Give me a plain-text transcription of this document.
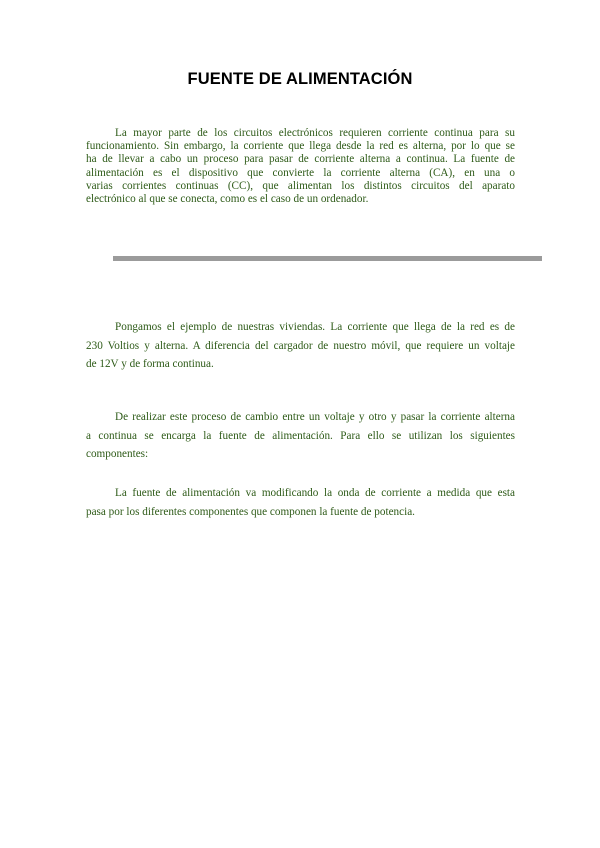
FUENTE DE ALIMENTACIÓN
La mayor parte de los circuitos electrónicos requieren corriente continua para su
funcionamiento. Sin embargo, la corriente que llega desde la red es alterna, por lo que se
ha de llevar a cabo un proceso para pasar de corriente alterna a continua. La fuente de
alimentación es el dispositivo que convierte la corriente alterna (CA), en una o
varias corrientes continuas (CC), que alimentan los distintos circuitos del aparato
electrónico al que se conecta, como es el caso de un ordenador.
Pongamos el ejemplo de nuestras viviendas. La corriente que llega de la red es de
230 Voltios y alterna. A diferencia del cargador de nuestro móvil, que requiere un voltaje
de 12V y de forma continua.
De realizar este proceso de cambio entre un voltaje y otro y pasar la corriente alterna
a continua se encarga la fuente de alimentación. Para ello se utilizan los siguientes
componentes:
La fuente de alimentación va modificando la onda de corriente a medida que esta
pasa por los diferentes componentes que componen la fuente de potencia.
